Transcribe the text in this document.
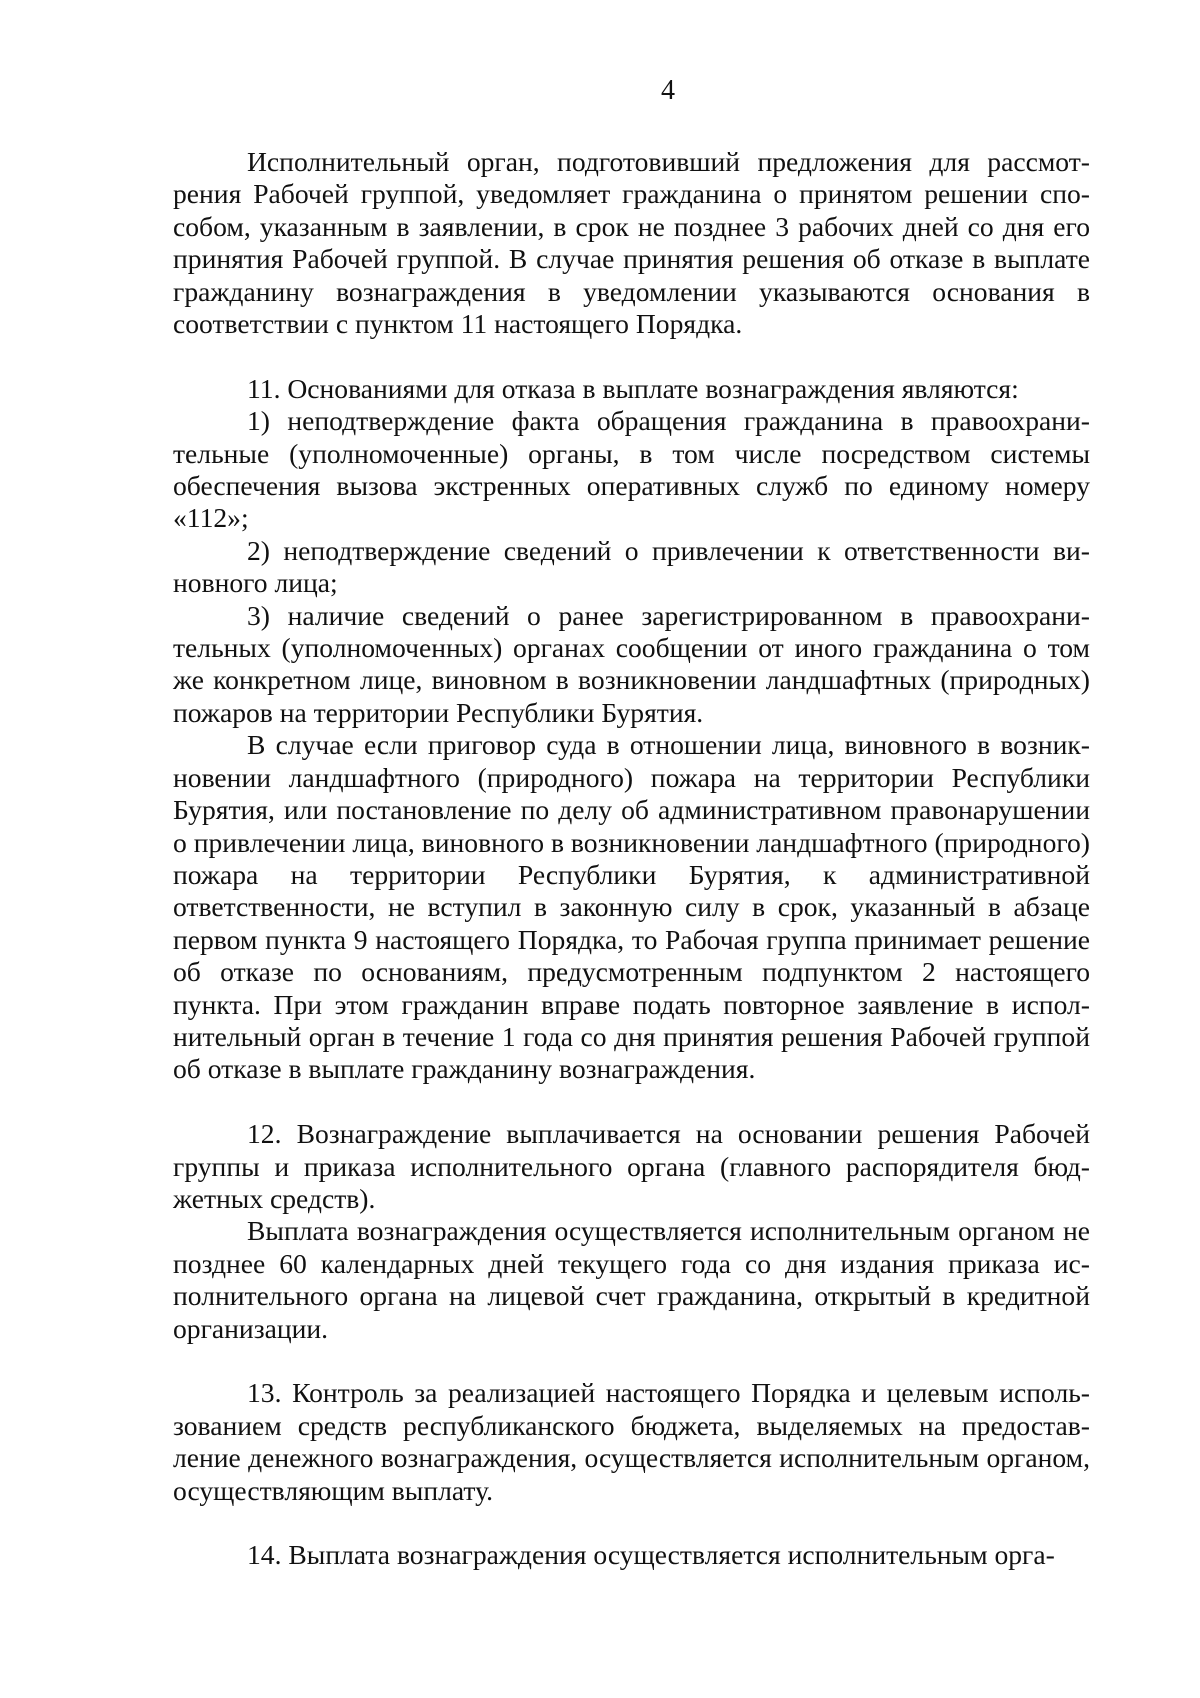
4

Исполнительный орган, подготовивший предложения для рассмотрения Рабочей группой, уведомляет гражданина о принятом решении способом, указанным в заявлении, в срок не позднее 3 рабочих дней со дня его принятия Рабочей группой. В случае принятия решения об отказе в выплате гражданину вознаграждения в уведомлении указываются основания в соответствии с пунктом 11 настоящего Порядка.

11. Основаниями для отказа в выплате вознаграждения являются:

1) неподтверждение факта обращения гражданина в правоохранительные (уполномоченные) органы, в том числе посредством системы обеспечения вызова экстренных оперативных служб по единому номеру «112»;

2) неподтверждение сведений о привлечении к ответственности виновного лица;

3) наличие сведений о ранее зарегистрированном в правоохранительных (уполномоченных) органах сообщении от иного гражданина о том же конкретном лице, виновном в возникновении ландшафтных (природных) пожаров на территории Республики Бурятия.

В случае если приговор суда в отношении лица, виновного в возникновении ландшафтного (природного) пожара на территории Республики Бурятия, или постановление по делу об административном правонарушении о привлечении лица, виновного в возникновении ландшафтного (природного) пожара на территории Республики Бурятия, к административной ответственности, не вступил в законную силу в срок, указанный в абзаце первом пункта 9 настоящего Порядка, то Рабочая группа принимает решение об отказе по основаниям, предусмотренным подпунктом 2 настоящего пункта. При этом гражданин вправе подать повторное заявление в исполнительный орган в течение 1 года со дня принятия решения Рабочей группой об отказе в выплате гражданину вознаграждения.

12. Вознаграждение выплачивается на основании решения Рабочей группы и приказа исполнительного органа (главного распорядителя бюджетных средств).

Выплата вознаграждения осуществляется исполнительным органом не позднее 60 календарных дней текущего года со дня издания приказа исполнительного органа на лицевой счет гражданина, открытый в кредитной организации.

13. Контроль за реализацией настоящего Порядка и целевым использованием средств республиканского бюджета, выделяемых на предоставление денежного вознаграждения, осуществляется исполнительным органом, осуществляющим выплату.

14. Выплата вознаграждения осуществляется исполнительным орга-
